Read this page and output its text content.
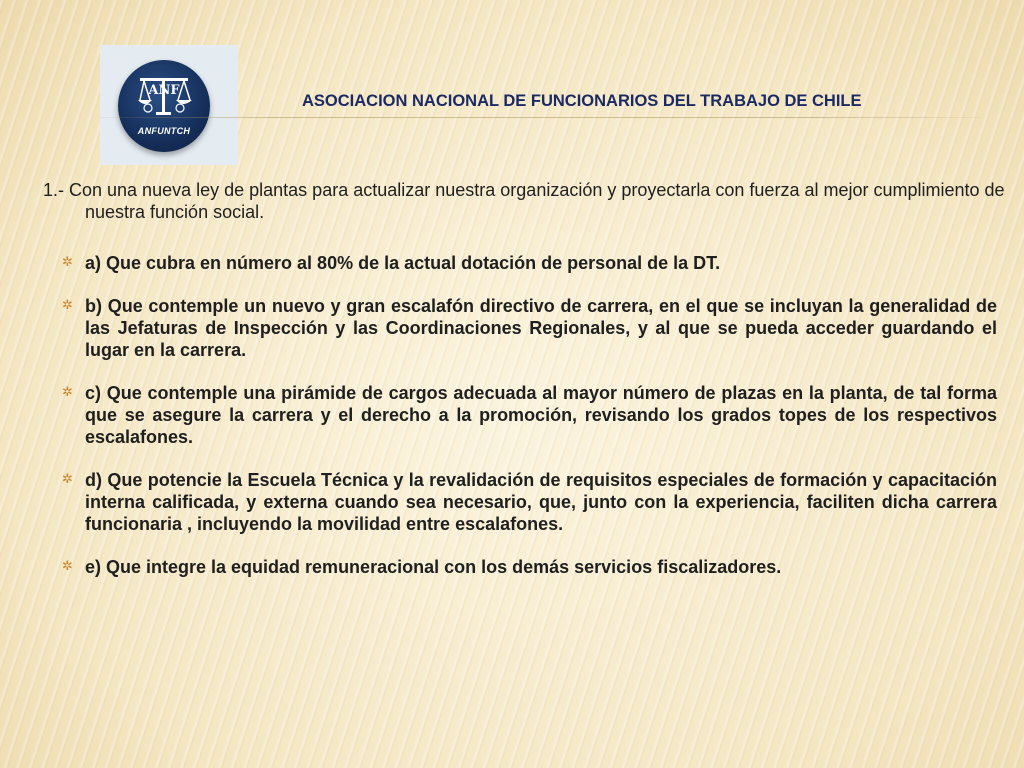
ANF
ANFUNTCH
ASOCIACION NACIONAL DE FUNCIONARIOS DEL TRABAJO DE CHILE
1.- Con una nueva ley de plantas para actualizar nuestra organización y proyectarla con fuerza al mejor cumplimiento de nuestra función social.
✲ a) Que cubra en número al 80% de la actual dotación de personal de la DT.
✲ b) Que contemple un nuevo y gran escalafón directivo de carrera, en el que se incluyan la generalidad de las Jefaturas de Inspección y las Coordinaciones Regionales, y al que se pueda acceder guardando el lugar en la carrera.
✲ c) Que contemple una pirámide de cargos adecuada al mayor número de plazas en la planta, de tal forma que se asegure la carrera y el derecho a la promoción, revisando los grados topes de los respectivos escalafones.
✲ d) Que potencie la Escuela Técnica y la revalidación de requisitos especiales de formación y capacitación interna calificada, y externa cuando sea necesario, que, junto con la experiencia, faciliten dicha carrera funcionaria , incluyendo la movilidad entre escalafones.
✲ e) Que integre la equidad remuneracional con los demás servicios fiscalizadores.
